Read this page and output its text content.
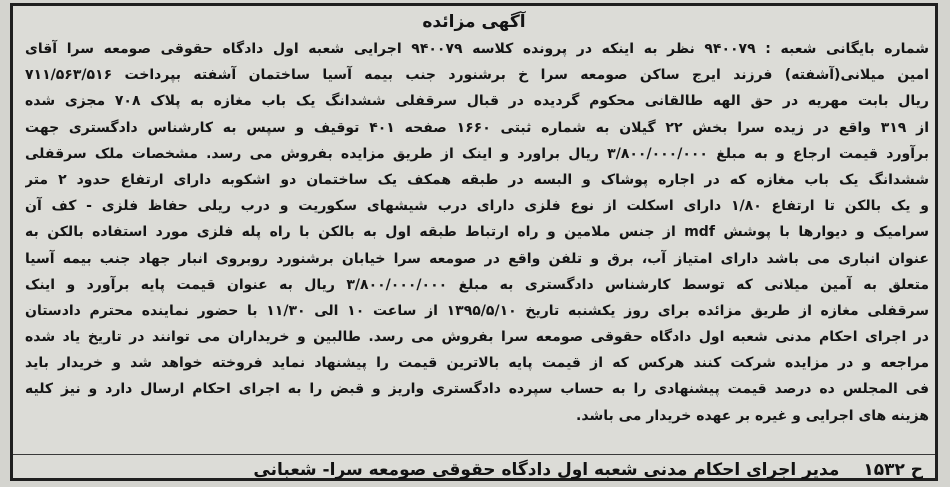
آگهی مزائده
شماره بایگانی شعبه : ۹۴۰۰۷۹ نظر به اینکه در پرونده کلاسه ۹۴۰۰۷۹ اجرایی شعبه اول دادگاه حقوقی صومعه سرا آقای
امین میلانی(آشفته) فرزند ایرج ساکن صومعه سرا خ برشنورد جنب بیمه آسیا ساختمان آشفته بپرداخت ۷۱۱/۵۶۳/۵۱۶
ریال بابت مهریه در حق الهه طالقانی محکوم گردیده در قبال سرقفلی ششدانگ یک باب مغازه به پلاک ۷۰۸ مجزی شده
از ۳۱۹ واقع در زیده سرا بخش ۲۲ گیلان به شماره ثبتی ۱۶۶۰ صفحه ۴۰۱ توقیف و سپس به کارشناس دادگستری جهت
برآورد قیمت ارجاع و به مبلغ ۳/۸۰۰/۰۰۰/۰۰۰ ریال براورد و اینک از طریق مزایده بفروش می رسد. مشخصات ملک سرقفلی
ششدانگ یک باب مغازه که در اجاره پوشاک و البسه در طبقه همکف یک ساختمان دو اشکوبه دارای ارتفاع حدود ۲ متر
و یک بالکن تا ارتفاع ۱/۸۰ دارای اسکلت از نوع فلزی دارای درب شیشهای سکوریت و درب ریلی حفاظ فلزی - کف آن
سرامیک و دیوارها با پوشش mdf از جنس ملامین و راه ارتباط طبقه اول به بالکن با راه پله فلزی مورد استفاده بالکن به
عنوان انباری می باشد دارای امتیاز آب، برق و تلفن واقع در صومعه سرا خیابان برشنورد روبروی انبار جهاد جنب بیمه آسیا
متعلق به آمین میلانی که توسط کارشناس دادگستری به مبلغ ۳/۸۰۰/۰۰۰/۰۰۰ ریال به عنوان قیمت پایه برآورد و اینک
سرقفلی مغازه از طریق مزائده برای روز یکشنبه تاریخ ۱۳۹۵/۵/۱۰ از ساعت ۱۰ الی ۱۱/۳۰ با حضور نماینده محترم دادستان
در اجرای احکام مدنی شعبه اول دادگاه حقوقی صومعه سرا بفروش می رسد. طالبین و خریداران می توانند در تاریخ یاد شده
مراجعه و در مزایده شرکت کنند هرکس که از قیمت پایه بالاترین قیمت را پیشنهاد نماید فروخته خواهد شد و خریدار باید
فی المجلس ده درصد قیمت پیشنهادی را به حساب سپرده دادگستری واریز و قبض را به اجرای احکام ارسال دارد و نیز کلیه
هزینه های اجرایی و غیره بر عهده خریدار می باشد.
ح ۱۵۳۲ مدیر اجرای احکام مدنی شعبه اول دادگاه حقوقی صومعه سرا- شعبانی
